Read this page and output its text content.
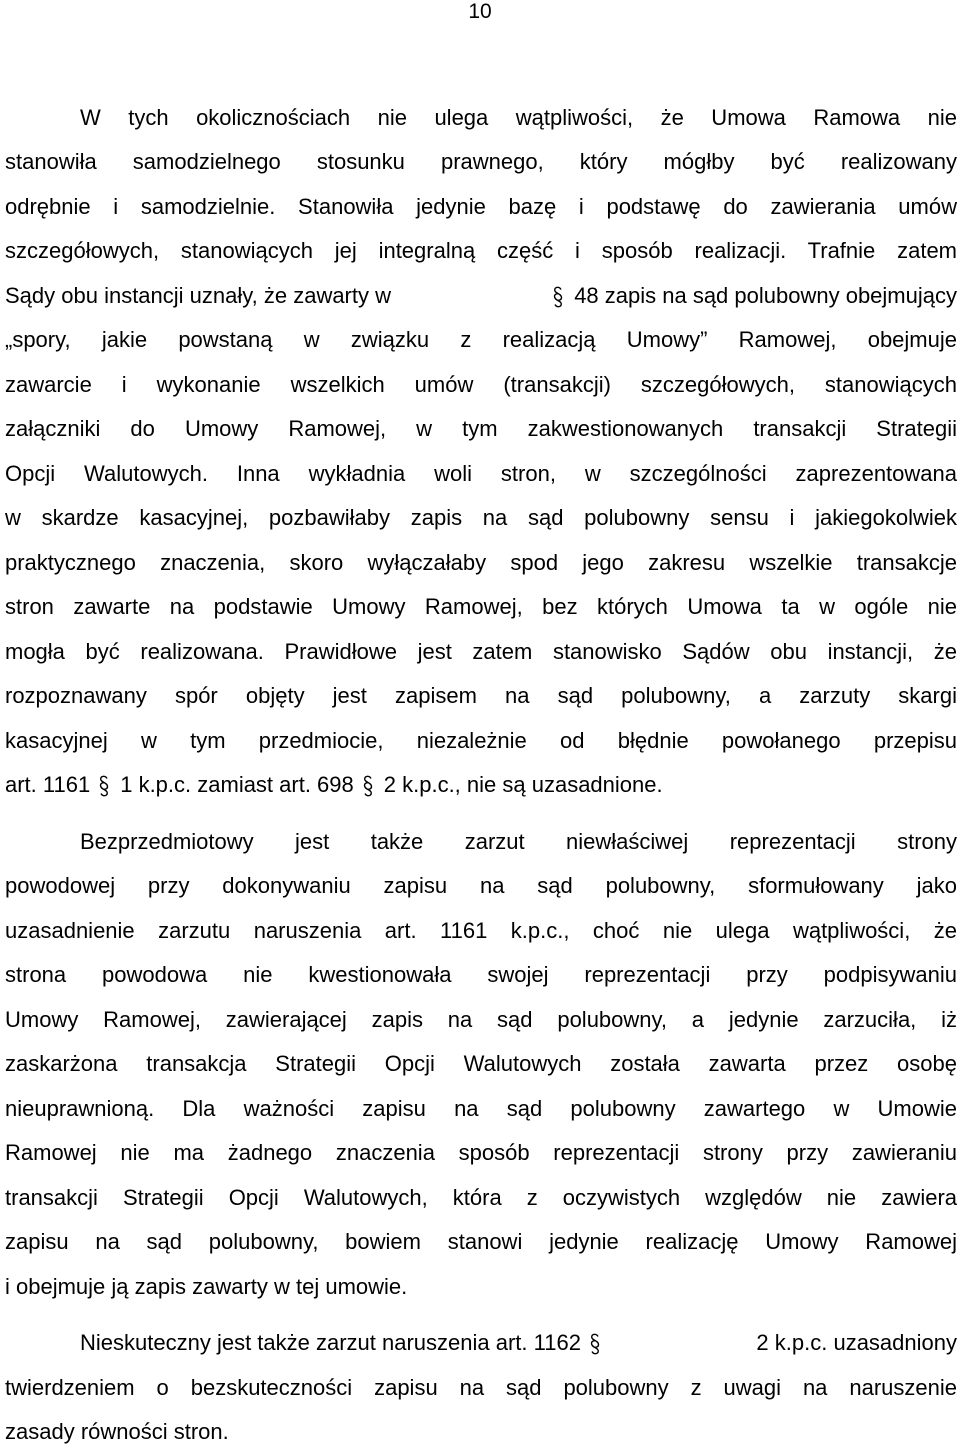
10
W tych okolicznościach nie ulega wątpliwości, że Umowa Ramowa nie
stanowiła samodzielnego stosunku prawnego, który mógłby być realizowany
odrębnie i samodzielnie. Stanowiła jedynie bazę i podstawę do zawierania umów
szczegółowych, stanowiących jej integralną część i sposób realizacji. Trafnie zatem
Sądy obu instancji uznały, że zawarty w	48 zapis na sąd polubowny obejmujący
„spory, jakie powstaną w związku z realizacją Umowy” Ramowej, obejmuje
zawarcie i wykonanie wszelkich umów (transakcji) szczegółowych, stanowiących
załączniki do Umowy Ramowej, w tym zakwestionowanych transakcji Strategii
Opcji Walutowych. Inna wykładnia woli stron, w szczególności zaprezentowana
w skardze kasacyjnej, pozbawiłaby zapis na sąd polubowny sensu i jakiegokolwiek
praktycznego znaczenia, skoro wyłączałaby spod jego zakresu wszelkie transakcje
stron zawarte na podstawie Umowy Ramowej, bez których Umowa ta w ogóle nie
mogła być realizowana. Prawidłowe jest zatem stanowisko Sądów obu instancji, że
rozpoznawany spór objęty jest zapisem na sąd polubowny, a zarzuty skargi
kasacyjnej w tym przedmiocie, niezależnie od błędnie powołanego przepisu
art. 1161 1 k.p.c. zamiast art. 698 2 k.p.c., nie są uzasadnione.
Bezprzedmiotowy jest także zarzut niewłaściwej reprezentacji strony
powodowej przy dokonywaniu zapisu na sąd polubowny, sformułowany jako
uzasadnienie zarzutu naruszenia art. 1161 k.p.c., choć nie ulega wątpliwości, że
strona powodowa nie kwestionowała swojej reprezentacji przy podpisywaniu
Umowy Ramowej, zawierającej zapis na sąd polubowny, a jedynie zarzuciła, iż
zaskarżona transakcja Strategii Opcji Walutowych została zawarta przez osobę
nieuprawnioną. Dla ważności zapisu na sąd polubowny zawartego w Umowie
Ramowej nie ma żadnego znaczenia sposób reprezentacji strony przy zawieraniu
transakcji Strategii Opcji Walutowych, która z oczywistych względów nie zawiera
zapisu na sąd polubowny, bowiem stanowi jedynie realizację Umowy Ramowej
i obejmuje ją zapis zawarty w tej umowie.
Nieskuteczny jest także zarzut naruszenia art. 1162	2 k.p.c. uzasadniony
twierdzeniem o bezskuteczności zapisu na sąd polubowny z uwagi na naruszenie
zasady równości stron.
